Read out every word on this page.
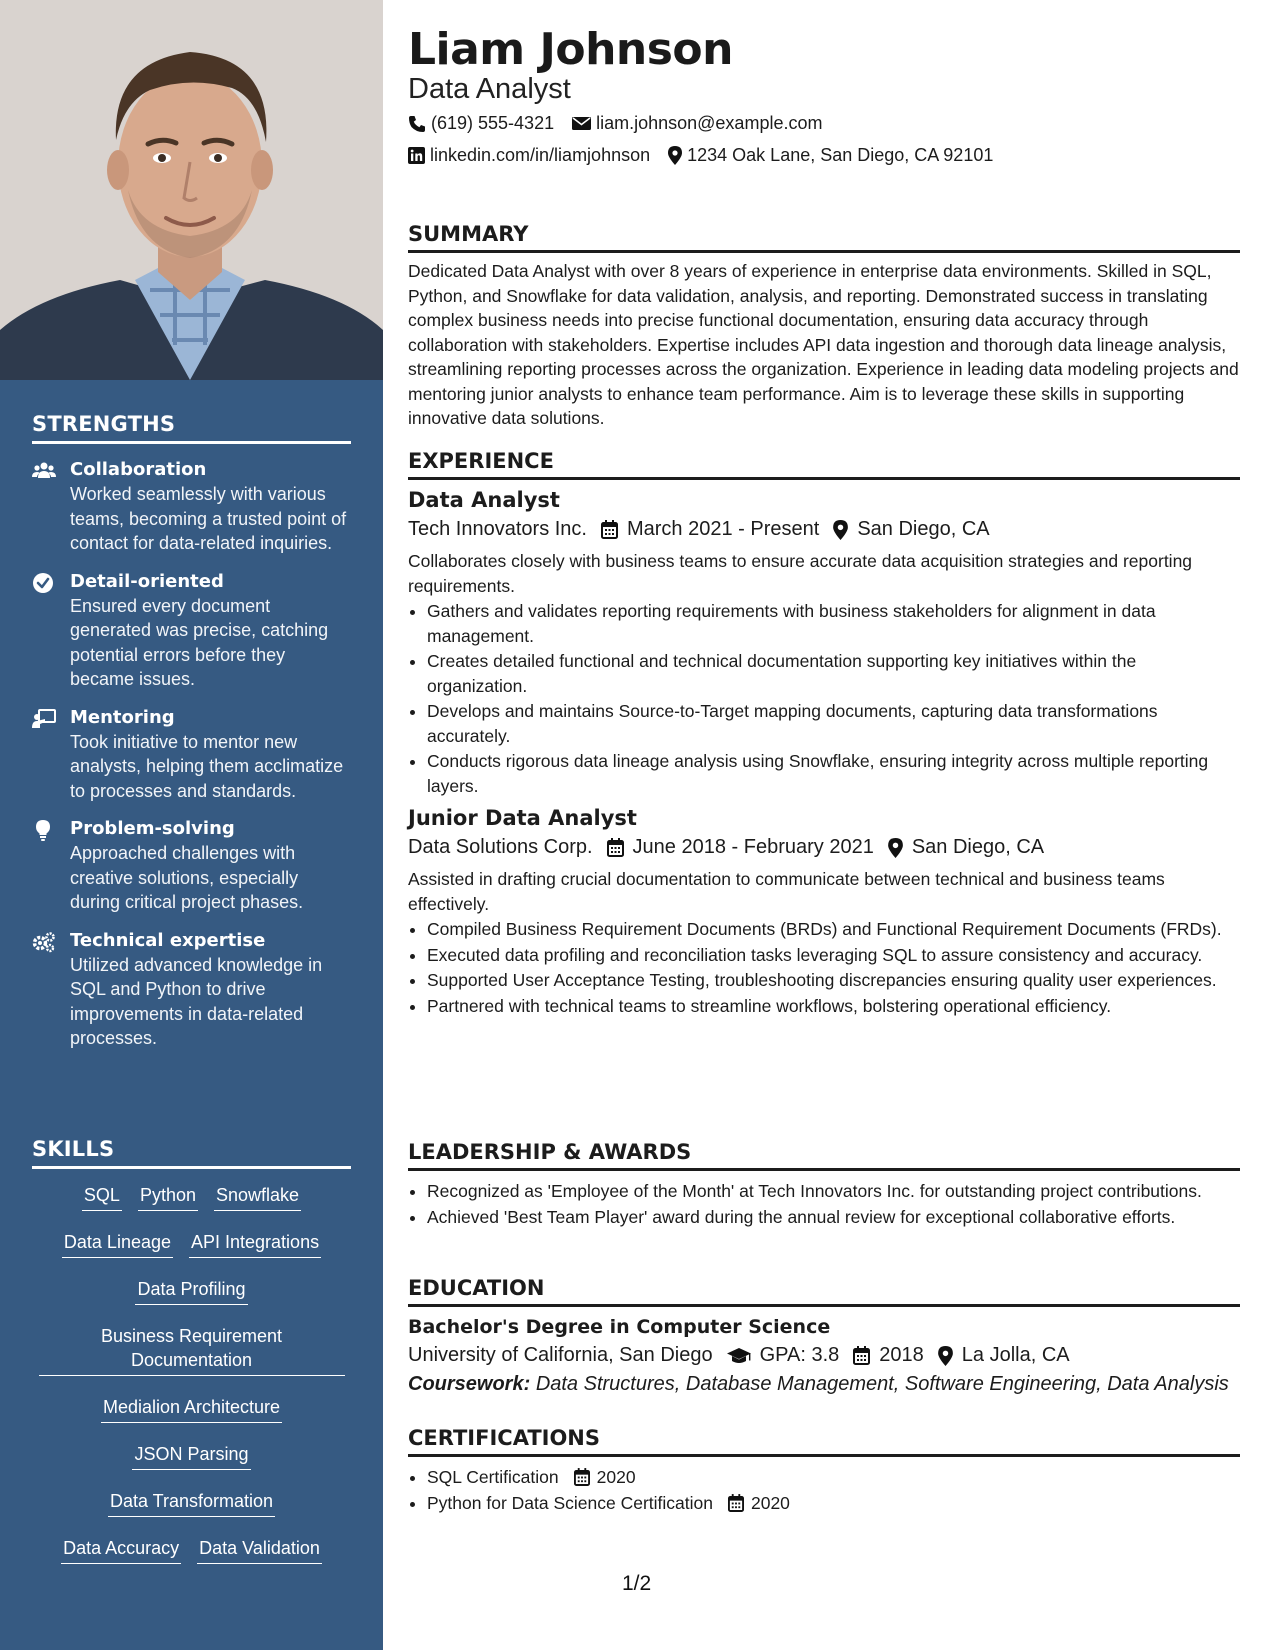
STRENGTHS
Collaboration
Worked seamlessly with various teams, becoming a trusted point of contact for data-related inquiries.
Detail-oriented
Ensured every document generated was precise, catching potential errors before they became issues.
Mentoring
Took initiative to mentor new analysts, helping them acclimatize to processes and standards.
Problem-solving
Approached challenges with creative solutions, especially during critical project phases.
Technical expertise
Utilized advanced knowledge in SQL and Python to drive improvements in data-related processes.
SKILLS
SQL Python Snowflake
Data Lineage API Integrations
Data Profiling
Business Requirement Documentation
Medialion Architecture
JSON Parsing
Data Transformation
Data Accuracy Data Validation
Liam Johnson
Data Analyst
(619) 555-4321 liam.johnson@example.com
linkedin.com/in/liamjohnson 1234 Oak Lane, San Diego, CA 92101
SUMMARY

Dedicated Data Analyst with over 8 years of experience in enterprise data environments. Skilled in SQL, Python, and Snowflake for data validation, analysis, and reporting. Demonstrated success in translating complex business needs into precise functional documentation, ensuring data accuracy through collaboration with stakeholders. Expertise includes API data ingestion and thorough data lineage analysis, streamlining reporting processes across the organization. Experience in leading data modeling projects and mentoring junior analysts to enhance team performance. Aim is to leverage these skills in supporting innovative data solutions.

EXPERIENCE
Data Analyst
Tech Innovators Inc. March 2021 - Present San Diego, CA

Collaborates closely with business teams to ensure accurate data acquisition strategies and reporting requirements.

• Gathers and validates reporting requirements with business stakeholders for alignment in data management.
• Creates detailed functional and technical documentation supporting key initiatives within the organization.
• Develops and maintains Source-to-Target mapping documents, capturing data transformations accurately.
• Conducts rigorous data lineage analysis using Snowflake, ensuring integrity across multiple reporting layers.
Junior Data Analyst
Data Solutions Corp. June 2018 - February 2021 San Diego, CA

Assisted in drafting crucial documentation to communicate between technical and business teams effectively.

• Compiled Business Requirement Documents (BRDs) and Functional Requirement Documents (FRDs).
• Executed data profiling and reconciliation tasks leveraging SQL to assure consistency and accuracy.
• Supported User Acceptance Testing, troubleshooting discrepancies ensuring quality user experiences.
• Partnered with technical teams to streamline workflows, bolstering operational efficiency.
LEADERSHIP & AWARDS
• Recognized as 'Employee of the Month' at Tech Innovators Inc. for outstanding project contributions.
• Achieved 'Best Team Player' award during the annual review for exceptional collaborative efforts.
EDUCATION
Bachelor's Degree in Computer Science
University of California, San Diego GPA: 3.8 2018 La Jolla, CA
Coursework: Data Structures, Database Management, Software Engineering, Data Analysis
CERTIFICATIONS
• SQL Certification 2020
• Python for Data Science Certification 2020
1/2
